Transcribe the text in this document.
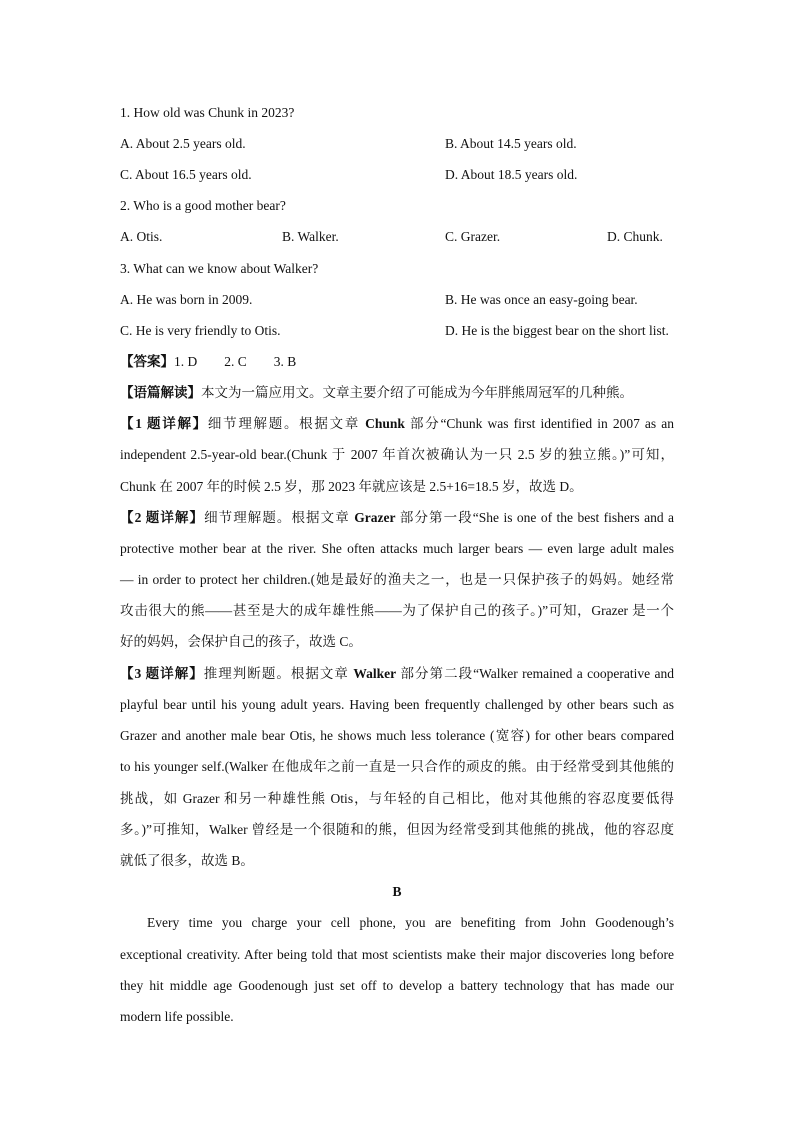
1. How old was Chunk in 2023?
A. About 2.5 years old.	B. About 14.5 years old.
C. About 16.5 years old.	D. About 18.5 years old.
2. Who is a good mother bear?
A. Otis.	B. Walker.	C. Grazer.	D. Chunk.
3. What can we know about Walker?
A. He was born in 2009.	B. He was once an easy-going bear.
C. He is very friendly to Otis.	D. He is the biggest bear on the short list.
【答案】1. D        2. C        3. B
【语篇解读】本文为一篇应用文。文章主要介绍了可能成为今年胖熊周冠军的几种熊。
【1 题详解】细节理解题。根据文章 Chunk 部分“Chunk was first identified in 2007 as an
independent 2.5-year-old bear.(Chunk 于 2007 年首次被确认为一只 2.5 岁的独立熊。)”可知，
Chunk 在 2007 年的时候 2.5 岁，那 2023 年就应该是 2.5+16=18.5 岁，故选 D。
【2 题详解】细节理解题。根据文章 Grazer 部分第一段“She is one of the best fishers and a
protective mother bear at the river. She often attacks much larger bears — even large adult males
— in order to protect her children.(她是最好的渔夫之一，也是一只保护孩子的妈妈。她经常
攻击很大的熊——甚至是大的成年雄性熊——为了保护自己的孩子。)”可知，Grazer 是一个
好的妈妈，会保护自己的孩子，故选 C。
【3 题详解】推理判断题。根据文章 Walker 部分第二段“Walker remained a cooperative and
playful bear until his young adult years. Having been frequently challenged by other bears such as
Grazer and another male bear Otis, he shows much less tolerance (宽容) for other bears compared
to his younger self.(Walker 在他成年之前一直是一只合作的顽皮的熊。由于经常受到其他熊的
挑战，如 Grazer 和另一种雄性熊 Otis，与年轻的自己相比，他对其他熊的容忍度要低得
多。)”可推知，Walker 曾经是一个很随和的熊，但因为经常受到其他熊的挑战，他的容忍度
就低了很多，故选 B。
B
Every time you charge your cell phone, you are benefiting from John Goodenough’s
exceptional creativity. After being told that most scientists make their major discoveries long before
they hit middle age Goodenough just set off to develop a battery technology that has made our
modern life possible.
